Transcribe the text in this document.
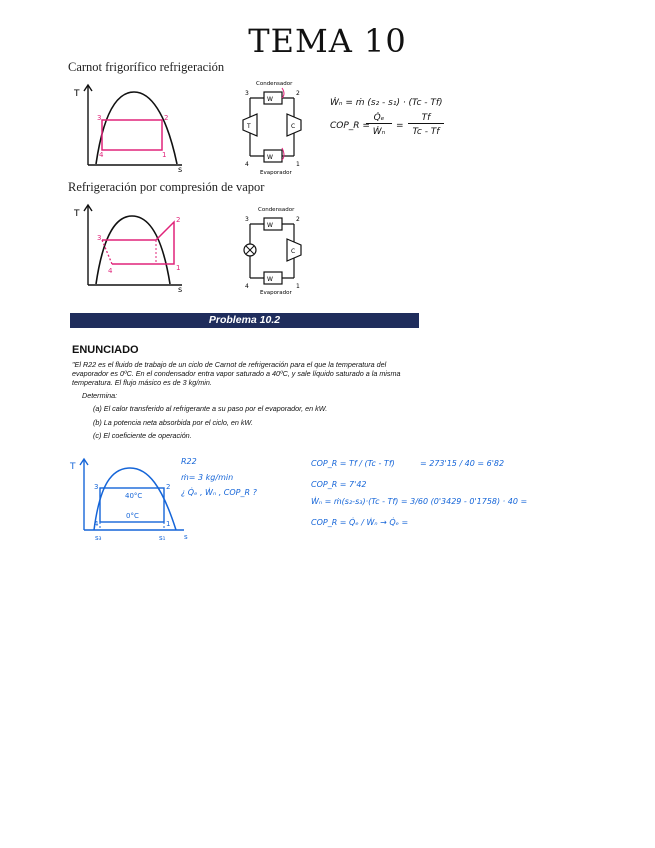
TEMA 10
Carnot frigorífico refrigeración
T
s
3	2
4	1
Condensador
Evaporador
W
W
T	C
3	2
4	1
Ẇₙ = ṁ (s₂ - s₁) · (Tc - Tf)
COP_R =
Q̇ₑ
Ẇₙ
=
Tf
Tc - Tf
Refrigeración por compresión de vapor
T
s
3
2
4	1
Condensador
Evaporador
W
W
C
3	2
4	1
Problema 10.2
ENUNCIADO
"El R22 es el fluido de trabajo de un ciclo de Carnot de refrigeración para el que la temperatura del evaporador es 0ºC. En el condensador entra vapor saturado a 40ºC, y sale líquido saturado a la misma temperatura. El flujo másico es de 3 kg/min.
Determina:
(a) El calor transferido al refrigerante a su paso por el evaporador, en kW.
(b) La potencia neta absorbida por el ciclo, en kW.
(c) El coeficiente de operación.
T
s
40°C
0°C
3	2
4	1
s₃	s₁
R22
ṁ= 3 kg/min
¿ Q̇ₑ , Ẇₙ , COP_R ?
COP_R = Tf / (Tc - Tf)	= 273'15 / 40 = 6'82
COP_R = 7'42
Ẇₙ = ṁ(s₂-s₃)·(Tc - Tf) = 3/60 (0'3429 - 0'1758) · 40 =
COP_R = Q̇ₑ / Ẇₙ → Q̇ₑ =
